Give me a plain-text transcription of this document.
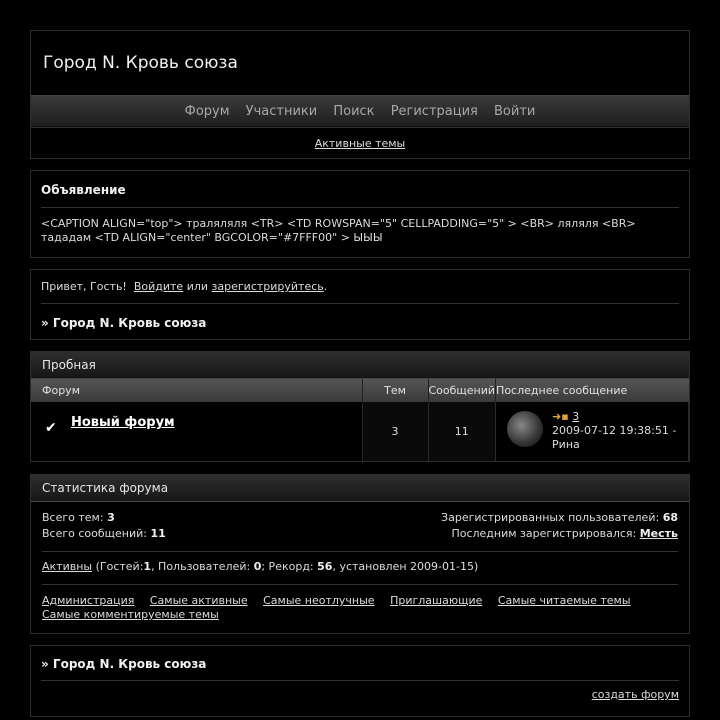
Город N. Кровь союза
Форум Участники Поиск Регистрация Войти
Активные темы
Объявление
<CAPTION ALIGN="top"> траляляля <TR> <TD ROWSPAN="5" CELLPADDING="5" > <BR> ляляля <BR> тададам <TD ALIGN="center" BGCOLOR="#7FFF00" > ЫЫЫ
Привет, Гость! Войдите или зарегистрируйтесь.
» Город N. Кровь союза
Пробная
Форум	Тем	Сообщений	Последнее сообщение

✔ Новый форум	3	11	➜▪ 3
2009-07-12 19:38:51 -
Рина
Статистика форума
Всего тем: 3	Зарегистрированных пользователей: 68
Всего сообщений: 11	Последним зарегистрировался: Месть
Активны (Гостей:1, Пользователей: 0; Рекорд: 56, установлен 2009-01-15)
Администрация Самые активные Самые неотлучные Приглашающие Самые читаемые темы Самые комментируемые темы
» Город N. Кровь союза
создать форум
